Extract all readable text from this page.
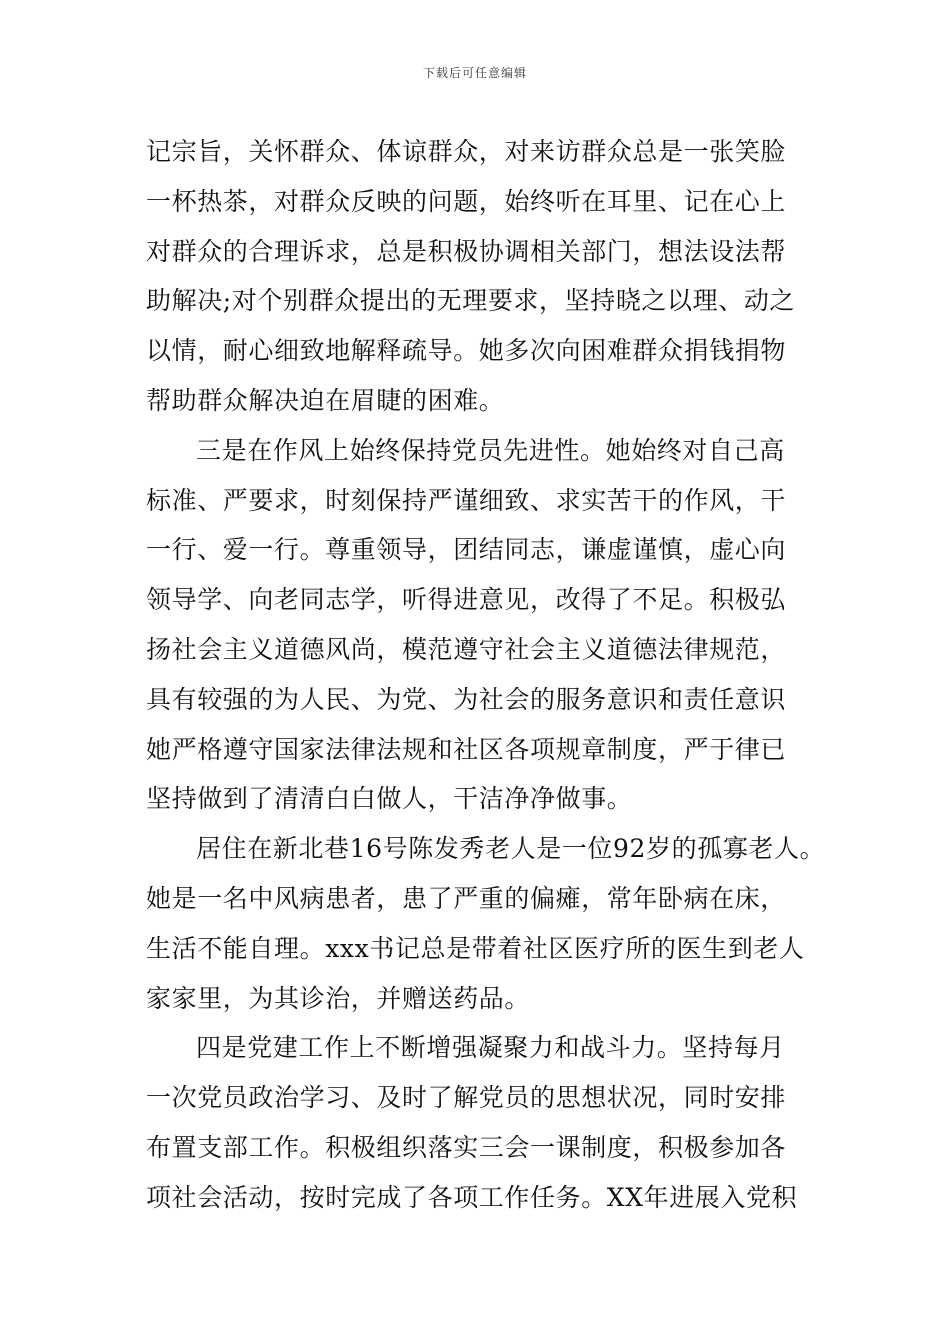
下载后可任意编辑
记宗旨，关怀群众、体谅群众，对来访群众总是一张笑脸
一杯热茶，对群众反映的问题，始终听在耳里、记在心上
对群众的合理诉求，总是积极协调相关部门，想法设法帮
助解决;对个别群众提出的无理要求，坚持晓之以理、动之
以情，耐心细致地解释疏导。她多次向困难群众捐钱捐物
帮助群众解决迫在眉睫的困难。
三是在作风上始终保持党员先进性。她始终对自己高
标准、严要求，时刻保持严谨细致、求实苦干的作风，干
一行、爱一行。尊重领导，团结同志，谦虚谨慎，虚心向
领导学、向老同志学，听得进意见，改得了不足。积极弘
扬社会主义道德风尚，模范遵守社会主义道德法律规范，
具有较强的为人民、为党、为社会的服务意识和责任意识
她严格遵守国家法律法规和社区各项规章制度，严于律已
坚持做到了清清白白做人，干洁净净做事。
居住在新北巷16号陈发秀老人是一位92岁的孤寡老人。
她是一名中风病患者，患了严重的偏瘫，常年卧病在床，
生活不能自理。xxx书记总是带着社区医疗所的医生到老人
家家里，为其诊治，并赠送药品。
四是党建工作上不断增强凝聚力和战斗力。坚持每月
一次党员政治学习、及时了解党员的思想状况，同时安排
布置支部工作。积极组织落实三会一课制度，积极参加各
项社会活动，按时完成了各项工作任务。XX年进展入党积
